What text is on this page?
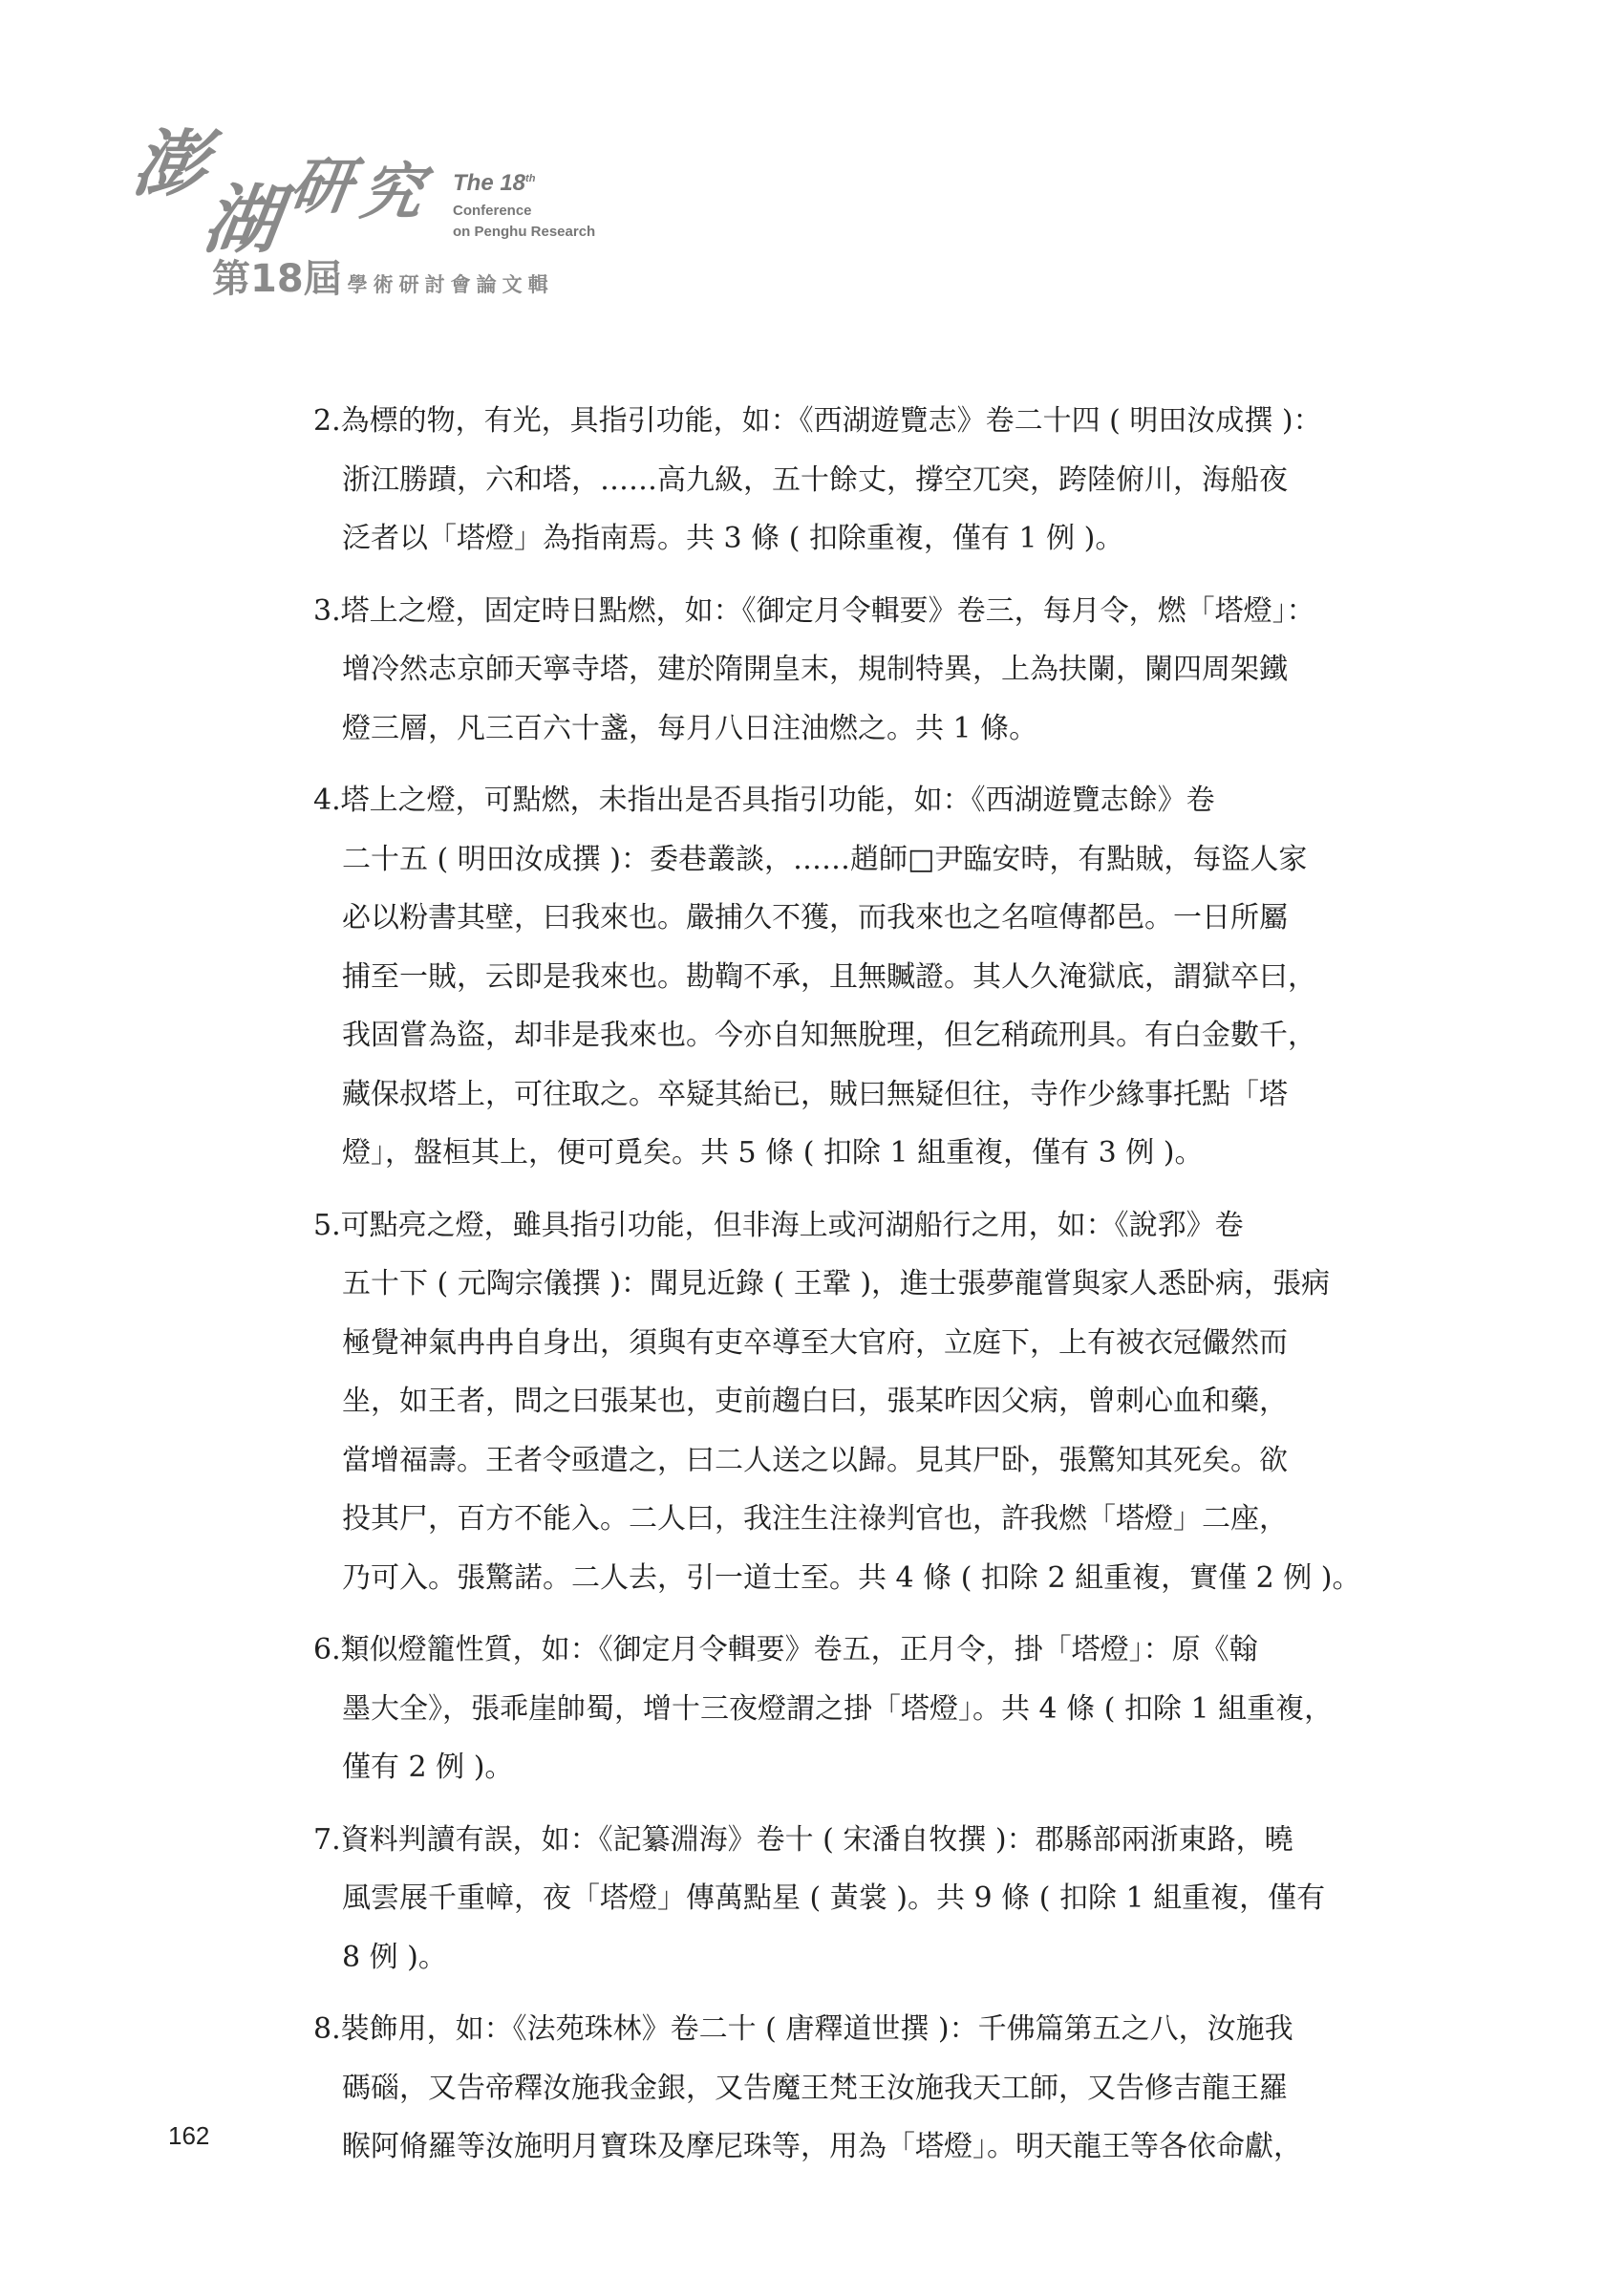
澎
湖 研 究 The 18th
Conference
on Penghu Research
第18屆 學術研討會論文輯

2.為標的物，有光，具指引功能，如：《西湖遊覽志》卷二十四 ( 明田汝成撰 )：

浙江勝蹟，六和塔，……高九級，五十餘丈，撐空兀突，跨陸俯川，海船夜

泛者以「塔燈」為指南焉。共 3 條 ( 扣除重複，僅有 1 例 )。

3.塔上之燈，固定時日點燃，如：《御定月令輯要》卷三，每月令，燃「塔燈」：

增冷然志京師天寧寺塔，建於隋開皇末，規制特異，上為扶闌，闌四周架鐵

燈三層，凡三百六十盞，每月八日注油燃之。共 1 條。

4.塔上之燈，可點燃，未指出是否具指引功能，如：《西湖遊覽志餘》卷

二十五 ( 明田汝成撰 )：委巷叢談，……趙師□尹臨安時，有點賊，每盜人家

必以粉書其壁，曰我來也。嚴捕久不獲，而我來也之名喧傳都邑。一日所屬

捕至一賊，云即是我來也。勘鞫不承，且無贓證。其人久淹獄底，謂獄卒曰，

我固嘗為盜，却非是我來也。今亦自知無脫理，但乞稍疏刑具。有白金數千，

藏保叔塔上，可往取之。卒疑其紿已，賊曰無疑但往，寺作少緣事托點「塔

燈」，盤桓其上，便可覓矣。共 5 條 ( 扣除 1 組重複，僅有 3 例 )。

5.可點亮之燈，雖具指引功能，但非海上或河湖船行之用，如：《說郛》卷

五十下 ( 元陶宗儀撰 )：聞見近錄 ( 王鞏 )，進士張夢龍嘗與家人悉卧病，張病

極覺神氣冉冉自身出，須與有吏卒導至大官府，立庭下，上有被衣冠儼然而

坐，如王者，問之曰張某也，吏前趨白曰，張某昨因父病，曾刺心血和藥，

當增福壽。王者令亟遣之，曰二人送之以歸。見其尸卧，張驚知其死矣。欲

投其尸，百方不能入。二人曰，我注生注祿判官也，許我燃「塔燈」二座，

乃可入。張驚諾。二人去，引一道士至。共 4 條 ( 扣除 2 組重複，實僅 2 例 )。

6.類似燈籠性質，如：《御定月令輯要》卷五，正月令，掛「塔燈」：原《翰

墨大全》，張乖崖帥蜀，增十三夜燈謂之掛「塔燈」。共 4 條 ( 扣除 1 組重複，

僅有 2 例 )。

7.資料判讀有誤，如：《記纂淵海》卷十 ( 宋潘自牧撰 )：郡縣部兩浙東路，曉

風雲展千重幛，夜「塔燈」傳萬點星 ( 黃裳 )。共 9 條 ( 扣除 1 組重複，僅有

8 例 )。

8.裝飾用，如：《法苑珠林》卷二十 ( 唐釋道世撰 )：千佛篇第五之八，汝施我

碼碯，又告帝釋汝施我金銀，又告魔王梵王汝施我天工師，又告修吉龍王羅

睺阿脩羅等汝施明月寶珠及摩尼珠等，用為「塔燈」。明天龍王等各依命獻，

162
